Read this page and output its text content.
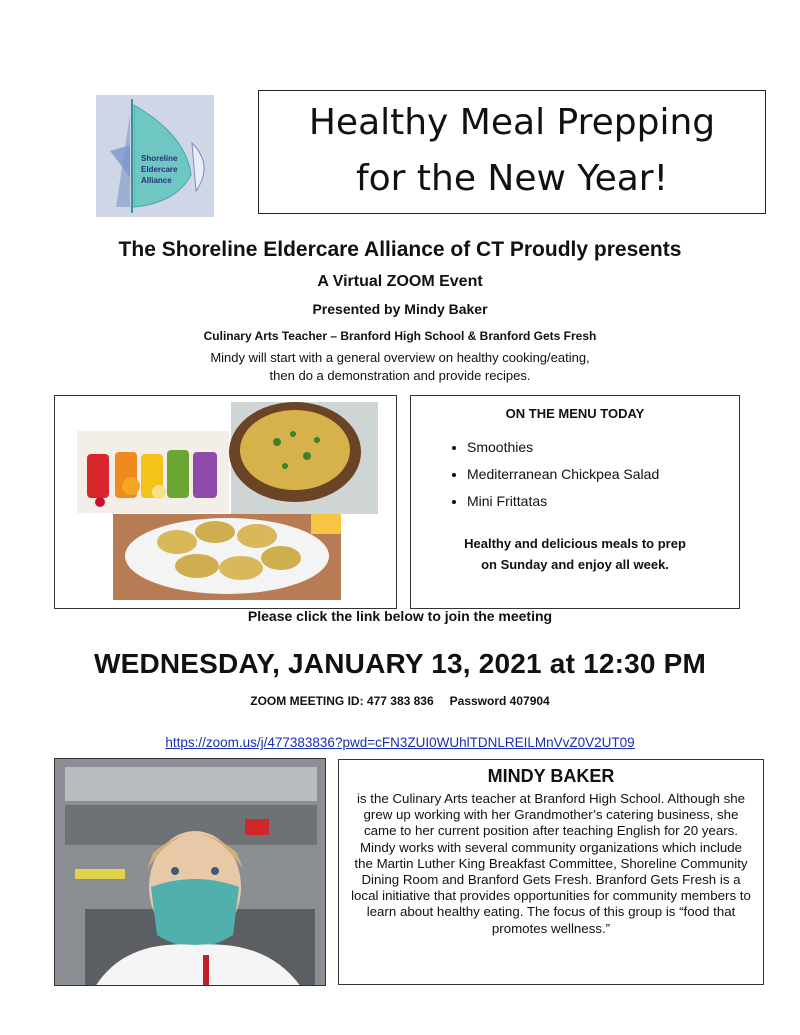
Shoreline
Eldercare
Alliance
Healthy Meal Prepping
for the New Year!
The Shoreline Eldercare Alliance of CT Proudly presents
A Virtual ZOOM Event
Presented by Mindy Baker
Culinary Arts Teacher – Branford High School & Branford Gets Fresh
Mindy will start with a general overview on healthy cooking/eating,
then do a demonstration and provide recipes.
ON THE MENU TODAY
• Smoothies
• Mediterranean Chickpea Salad
• Mini Frittatas
Healthy and delicious meals to prep
on Sunday and enjoy all week.
Please click the link below to join the meeting
WEDNESDAY, JANUARY 13, 2021 at 12:30 PM
ZOOM MEETING ID: 477 383 836 Password 407904
https://zoom.us/j/477383836?pwd=cFN3ZUI0WUhlTDNLREILMnVvZ0V2UT09
MINDY BAKER
is the Culinary Arts teacher at Branford High School. Although she grew up working with her Grandmother’s catering business, she came to her current position after teaching English for 20 years. Mindy works with several community organizations which include the Martin Luther King Breakfast Committee, Shoreline Community Dining Room and Branford Gets Fresh. Branford Gets Fresh is a local initiative that provides opportunities for community members to learn about healthy eating. The focus of this group is “food that promotes wellness.”
